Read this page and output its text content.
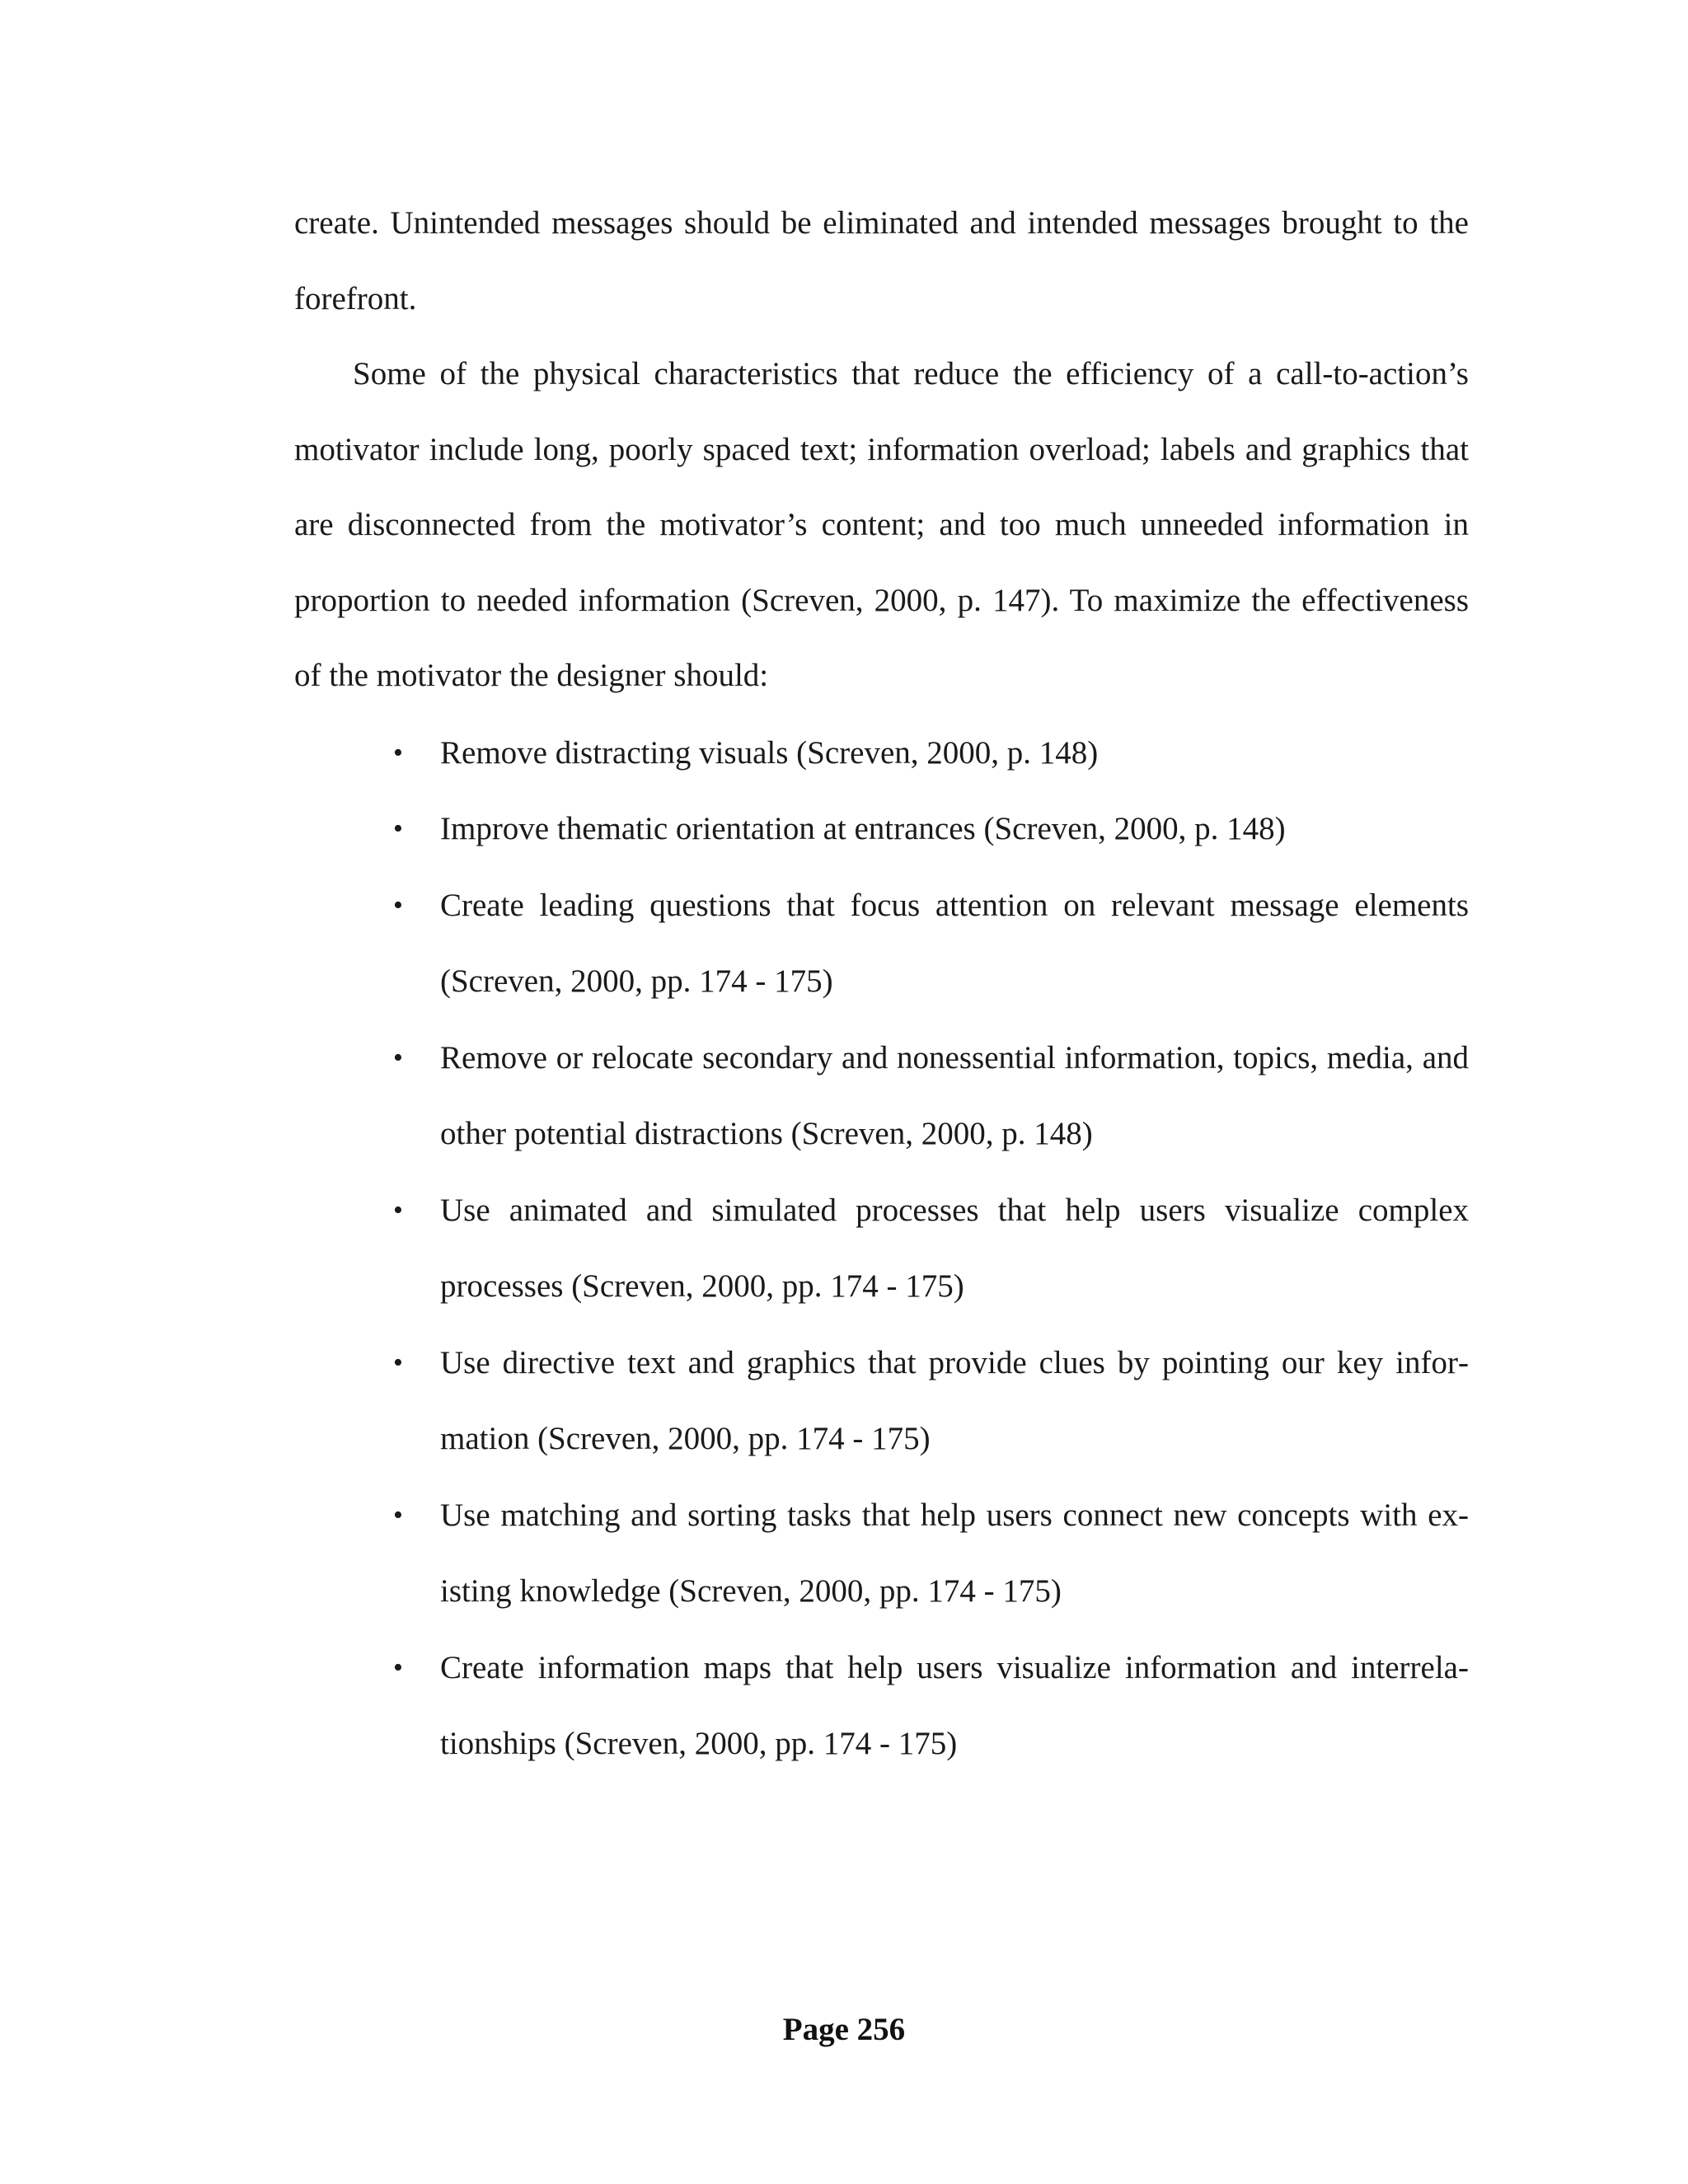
create. Unintended messages should be eliminated and intended messages brought to the forefront.

Some of the physical characteristics that reduce the efficiency of a call-to-action’s motivator include long, poorly spaced text; information overload; labels and graphics that are disconnected from the motivator’s content; and too much unneeded information in proportion to needed information (Screven, 2000, p. 147). To maximize the effectiveness of the motivator the designer should:

• Remove distracting visuals (Screven, 2000, p. 148)
• Improve thematic orientation at entrances (Screven, 2000, p. 148)
• Create leading questions that focus attention on relevant message elements (Screven, 2000, pp. 174 - 175)
• Remove or relocate secondary and nonessential information, topics, media, and other potential distractions (Screven, 2000, p. 148)
• Use animated and simulated processes that help users visualize complex processes (Screven, 2000, pp. 174 - 175)
• Use directive text and graphics that provide clues by pointing our key information (Screven, 2000, pp. 174 - 175)
• Use matching and sorting tasks that help users connect new concepts with existing knowledge (Screven, 2000, pp. 174 - 175)
• Create information maps that help users visualize information and interrelationships (Screven, 2000, pp. 174 - 175)
Page 256
